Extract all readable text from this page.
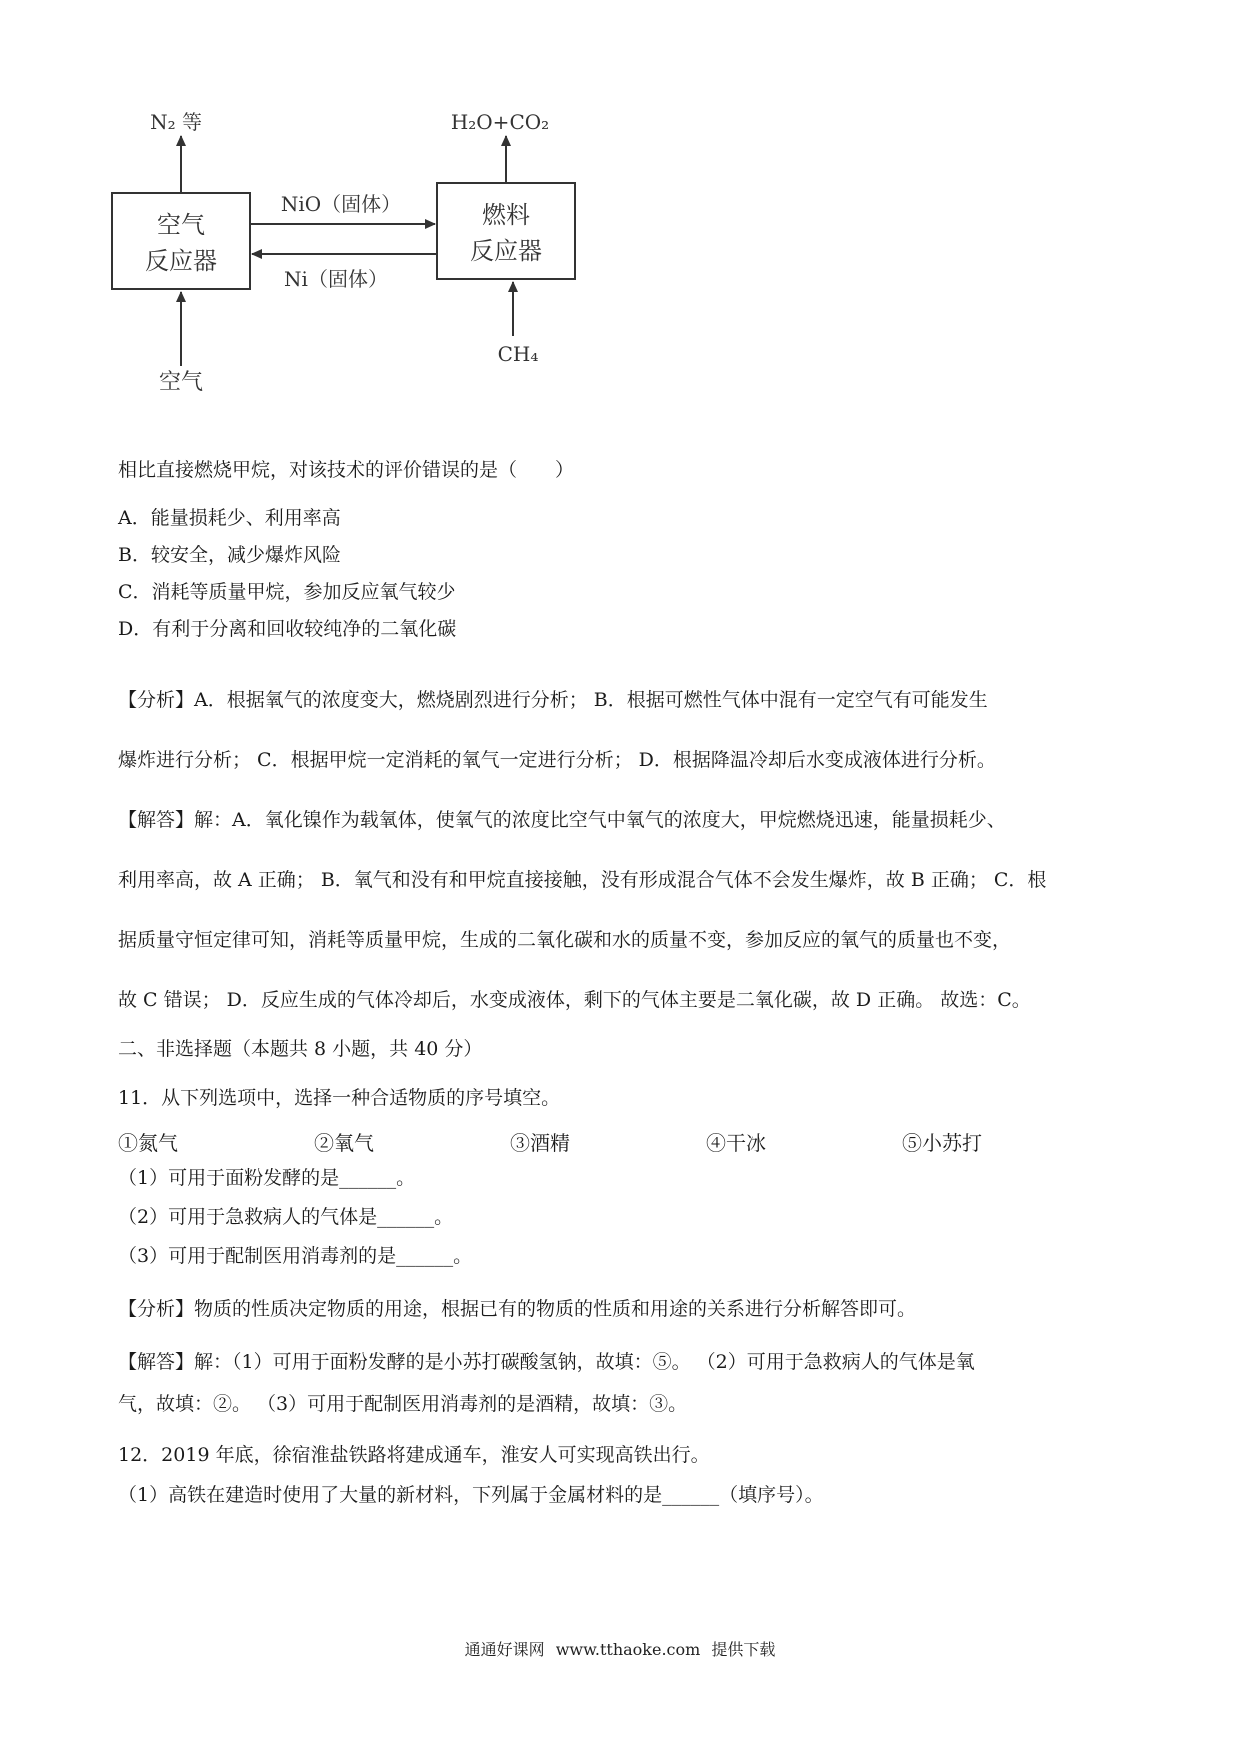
空气
反应器
燃料
反应器
N₂ 等	H₂O+CO₂
NiO（固体）
Ni（固体）
空气
CH₄
相比直接燃烧甲烷，对该技术的评价错误的是（　　）
A．能量损耗少、利用率高
B．较安全，减少爆炸风险
C．消耗等质量甲烷，参加反应氧气较少
D．有利于分离和回收较纯净的二氧化碳
【分析】A．根据氧气的浓度变大，燃烧剧烈进行分析； B．根据可燃性气体中混有一定空气有可能发生
爆炸进行分析； C．根据甲烷一定消耗的氧气一定进行分析； D．根据降温冷却后水变成液体进行分析。
【解答】解：A．氧化镍作为载氧体，使氧气的浓度比空气中氧气的浓度大，甲烷燃烧迅速，能量损耗少、
利用率高，故 A 正确； B．氧气和没有和甲烷直接接触，没有形成混合气体不会发生爆炸，故 B 正确； C．根
据质量守恒定律可知，消耗等质量甲烷，生成的二氧化碳和水的质量不变，参加反应的氧气的质量也不变，
故 C 错误； D．反应生成的气体冷却后，水变成液体，剩下的气体主要是二氧化碳，故 D 正确。 故选：C。
二、非选择题（本题共 8 小题，共 40 分）
11．从下列选项中，选择一种合适物质的序号填空。
①氮气	②氧气	③酒精	④干冰	⑤小苏打
（1）可用于面粉发酵的是______。
（2）可用于急救病人的气体是______。
（3）可用于配制医用消毒剂的是______。
【分析】物质的性质决定物质的用途，根据已有的物质的性质和用途的关系进行分析解答即可。
【解答】解：（1）可用于面粉发酵的是小苏打碳酸氢钠，故填：⑤。 （2）可用于急救病人的气体是氧
气，故填：②。 （3）可用于配制医用消毒剂的是酒精，故填：③。
12．2019 年底，徐宿淮盐铁路将建成通车，淮安人可实现高铁出行。
（1）高铁在建造时使用了大量的新材料，下列属于金属材料的是______（填序号）。
通通好课网 www.tthaoke.com 提供下载
